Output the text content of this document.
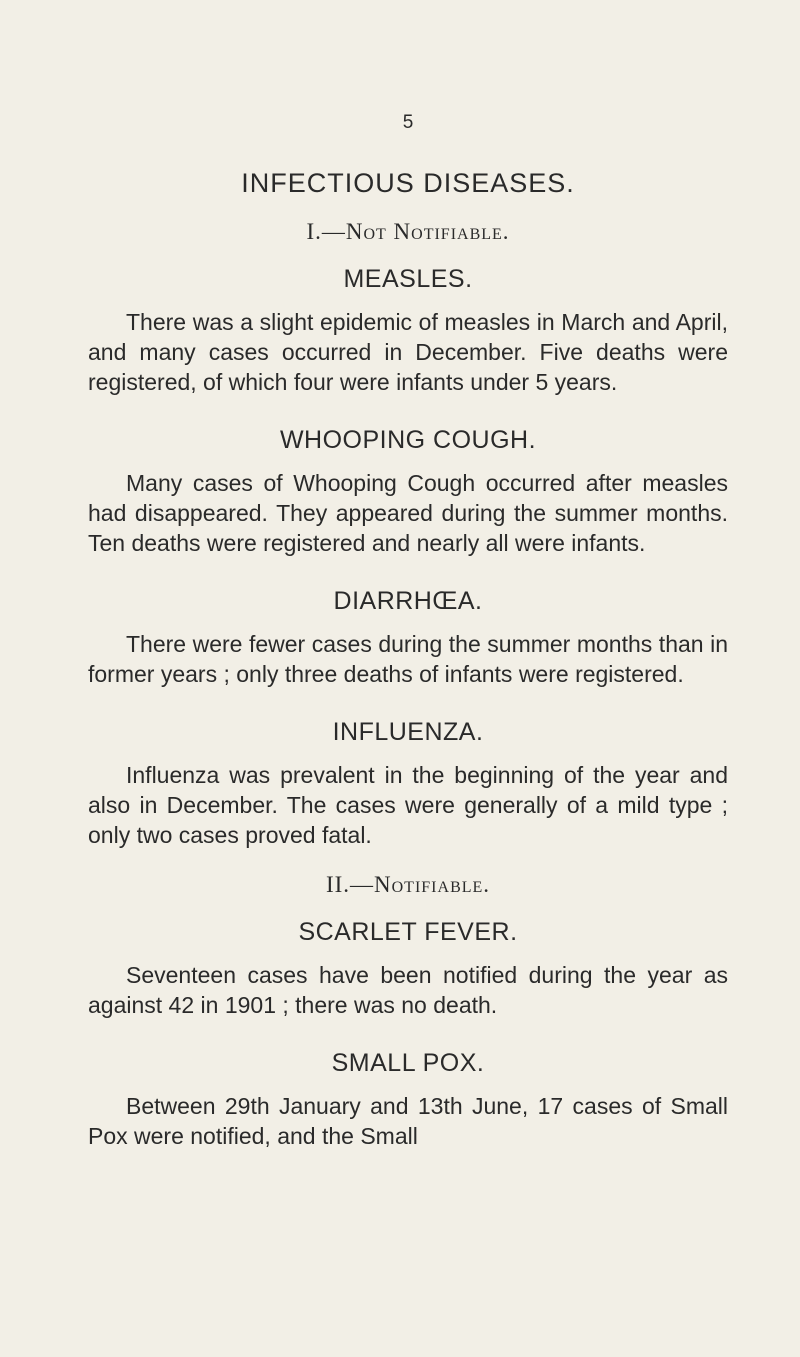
5
INFECTIOUS DISEASES.
I.—Not Notifiable.
MEASLES.

There was a slight epidemic of measles in March and April, and many cases occurred in December. Five deaths were registered, of which four were infants under 5 years.

WHOOPING COUGH.

Many cases of Whooping Cough occurred after measles had disappeared. They appeared during the summer months. Ten deaths were registered and nearly all were infants.

DIARRHŒA.

There were fewer cases during the summer months than in former years ; only three deaths of infants were registered.

INFLUENZA.

Influenza was prevalent in the beginning of the year and also in December. The cases were generally of a mild type ; only two cases proved fatal.

II.—Notifiable.
SCARLET FEVER.

Seventeen cases have been notified during the year as against 42 in 1901 ; there was no death.

SMALL POX.

Between 29th January and 13th June, 17 cases of Small Pox were notified, and the Small
